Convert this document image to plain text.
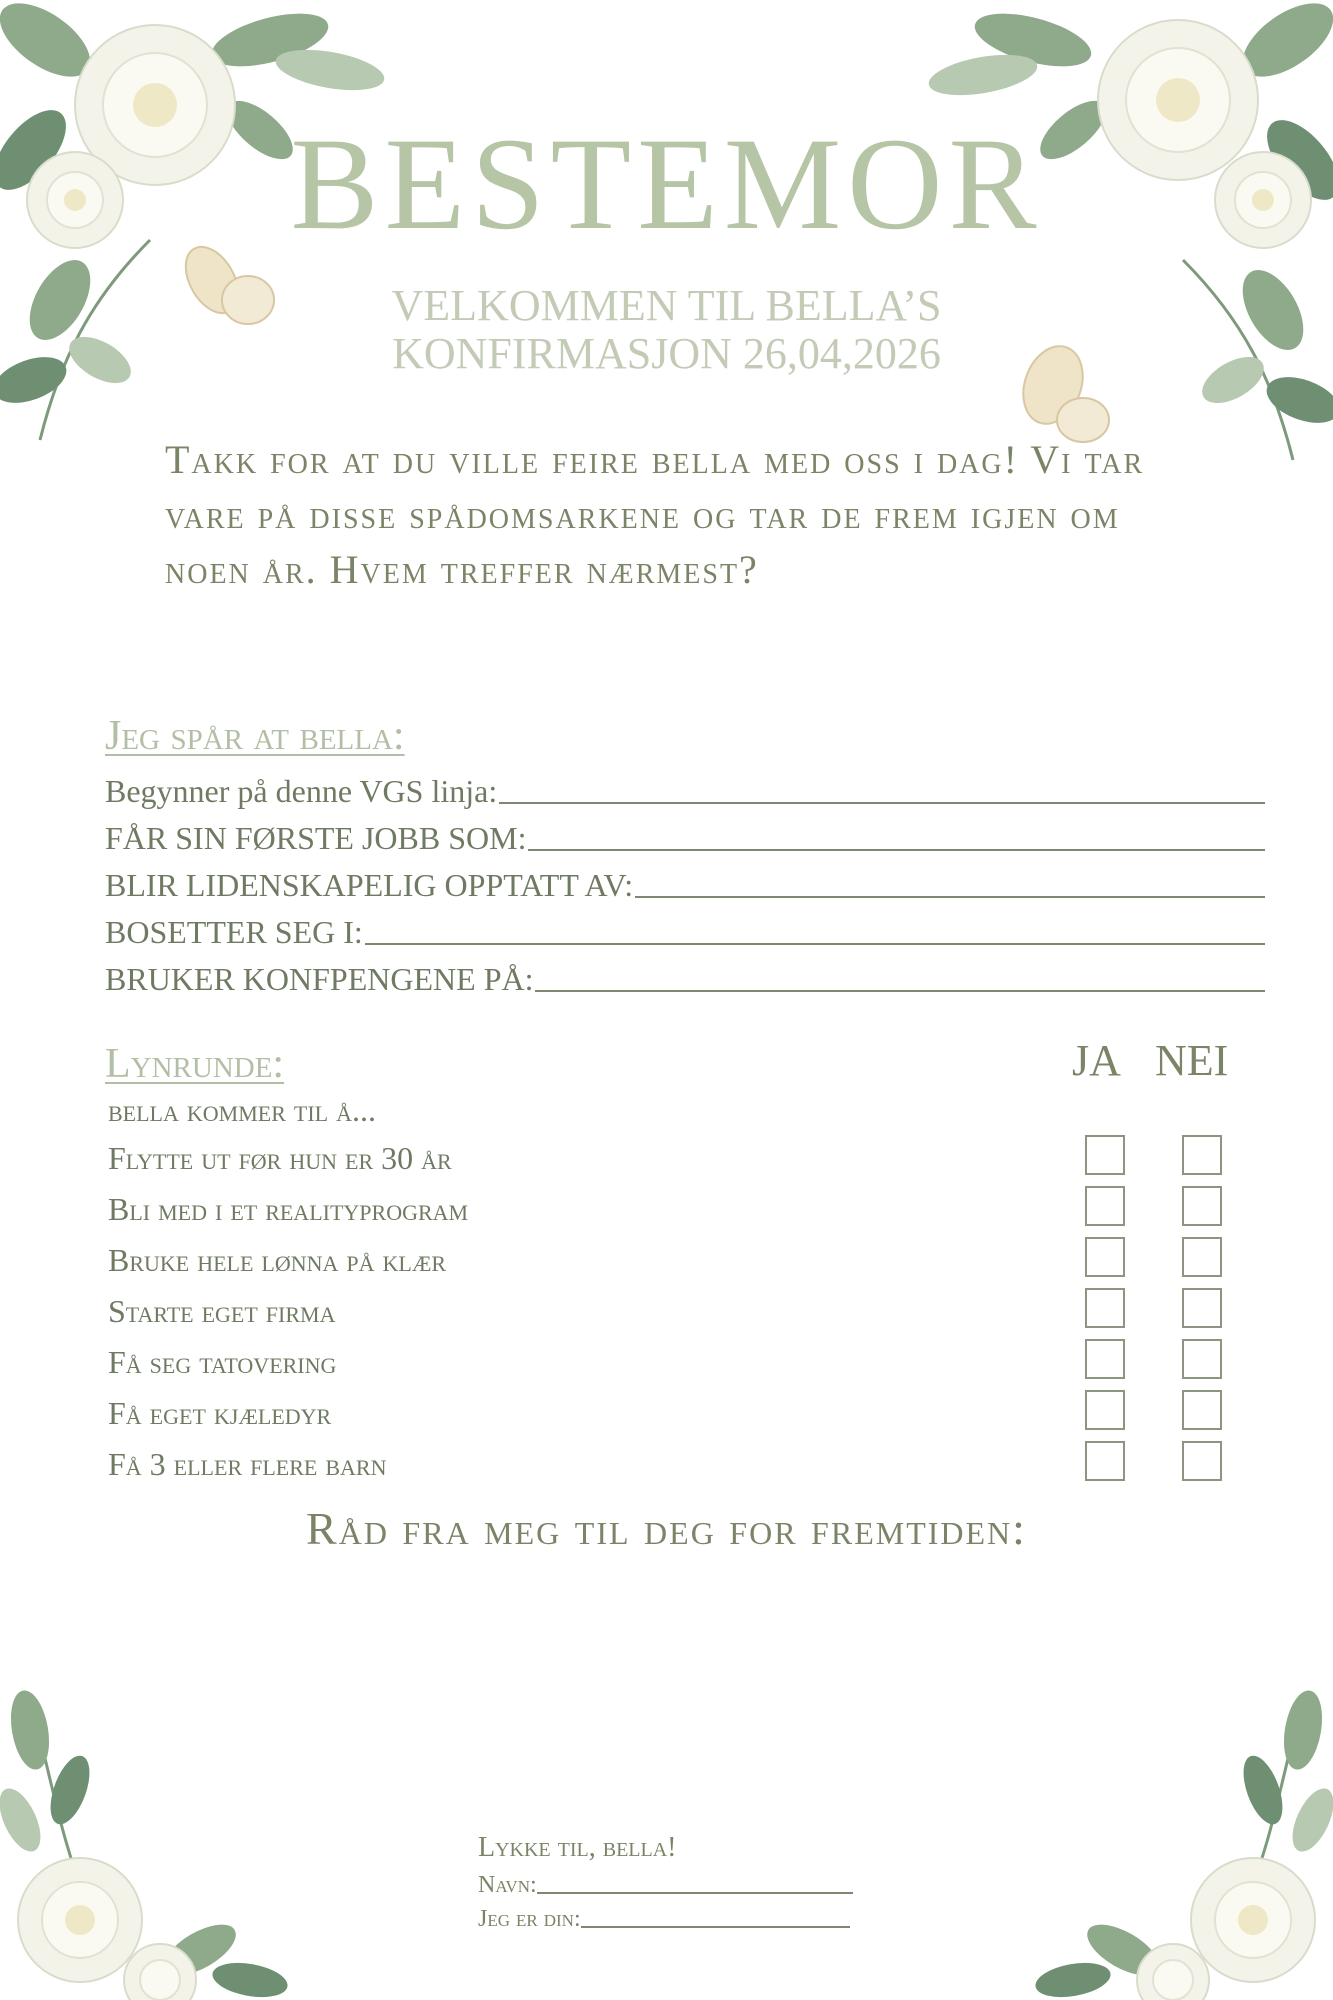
BESTEMOR
VELKOMMEN TIL BELLA’S
KONFIRMASJON 26,04,2026
Takk for at du ville feire bella med oss i dag! Vi tar vare på disse spådomsarkene og tar de frem igjen om noen år. Hvem treffer nærmest?
Jeg spår at bella:
Begynner på denne VGS linja:
FÅR SIN FØRSTE JOBB SOM:
BLIR LIDENSKAPELIG OPPTATT AV:
BOSETTER SEG I:
BRUKER KONFPENGENE PÅ:
Lynrunde:	JA NEI
bella kommer til å...
Flytte ut før hun er 30 år
Bli med i et realityprogram
Bruke hele lønna på klær
Starte eget firma
Få seg tatovering
Få eget kjæledyr
Få 3 eller flere barn
Råd fra meg til deg for fremtiden:
Lykke til, bella!
Navn:
Jeg er din:
